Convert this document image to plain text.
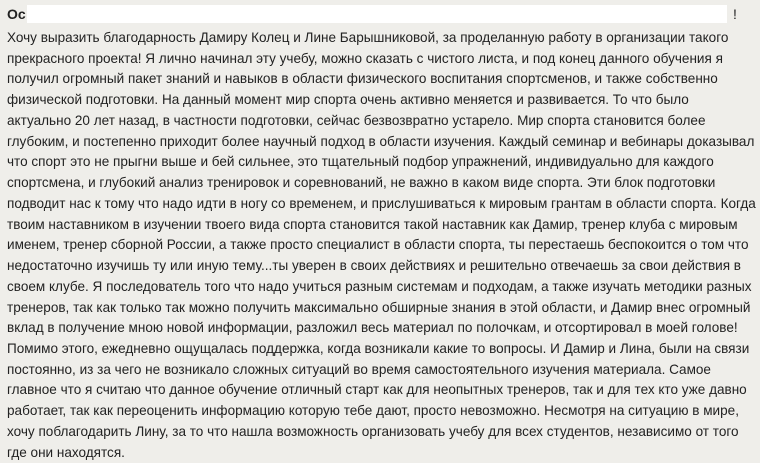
Ос	!

Хочу выразить благодарность Дамиру Колец и Лине Барышниковой, за проделанную работу в организации такого прекрасного проекта! Я лично начинал эту учебу, можно сказать с чистого листа, и под конец данного обучения я получил огромный пакет знаний и навыков в области физического воспитания спортсменов, и также собственно физической подготовки. На данный момент мир спорта очень активно меняется и развивается. То что было актуально 20 лет назад, в частности подготовки, сейчас безвозвратно устарело. Мир спорта становится более глубоким, и постепенно приходит более научный подход в области изучения. Каждый семинар и вебинары доказывал что спорт это не прыгни выше и бей сильнее, это тщательный подбор упражнений, индивидуально для каждого спортсмена, и глубокий анализ тренировок и соревнований, не важно в каком виде спорта. Эти блок подготовки подводит нас к тому что надо идти в ногу со временем, и прислушиваться к мировым грантам в области спорта. Когда твоим наставником в изучении твоего вида спорта становится такой наставник как Дамир, тренер клуба с мировым именем, тренер сборной России, а также просто специалист в области спорта, ты перестаешь беспокоится о том что недостаточно изучишь ту или иную тему...ты уверен в своих действиях и решительно отвечаешь за свои действия в своем клубе. Я последователь того что надо учиться разным системам и подходам, а также изучать методики разных тренеров, так как только так можно получить максимально обширные знания в этой области, и Дамир внес огромный вклад в получение мною новой информации, разложил весь материал по полочкам, и отсортировал в моей голове! Помимо этого, ежедневно ощущалась поддержка, когда возникали какие то вопросы. И Дамир и Лина, были на связи постоянно, из за чего не возникало сложных ситуаций во время самостоятельного изучения материала. Самое главное что я считаю что данное обучение отличный старт как для неопытных тренеров, так и для тех кто уже давно работает, так как переоценить информацию которую тебе дают, просто невозможно. Несмотря на ситуацию в мире, хочу поблагодарить Лину, за то что нашла возможность организовать учебу для всех студентов, независимо от того где они находятся.
